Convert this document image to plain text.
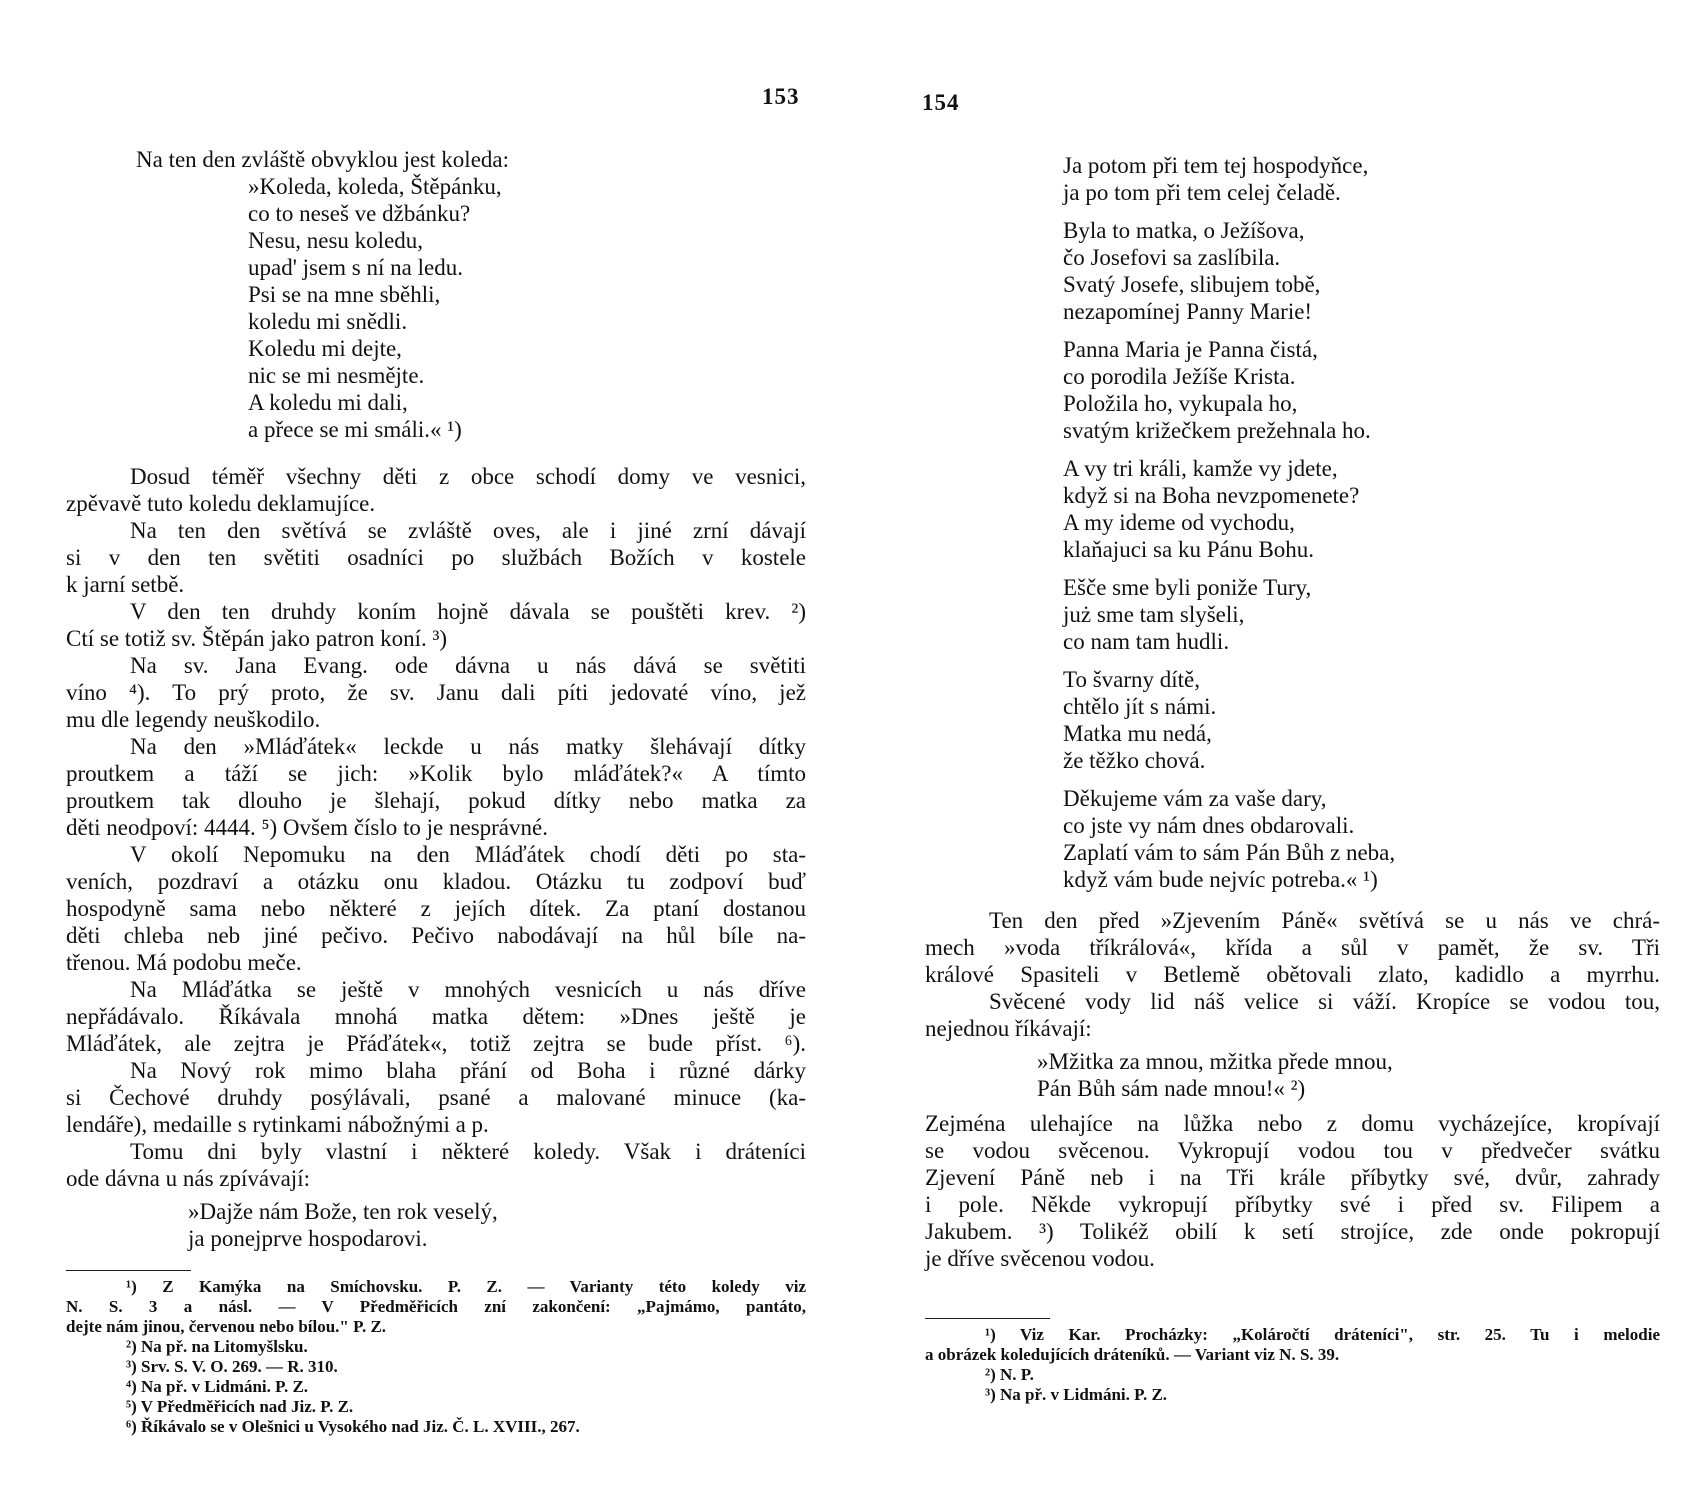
153	154
Na ten den zvláště obvyklou jest koleda:
»Koleda, koleda, Štěpánku,
co to neseš ve džbánku?
Nesu, nesu koledu,
upad' jsem s ní na ledu.
Psi se na mne sběhli,
koledu mi snědli.
Koledu mi dejte,
nic se mi nesmějte.
A koledu mi dali,
a přece se mi smáli.« ¹)
Dosud téměř všechny děti z obce schodí domy ve vesnici,
zpěvavě tuto koledu deklamujíce.
Na ten den světívá se zvláště oves, ale i jiné zrní dávají
si v den ten světiti osadníci po službách Božích v kostele
k jarní setbě.
V den ten druhdy koním hojně dávala se pouštěti krev. ²)
Ctí se totiž sv. Štěpán jako patron koní. ³)
Na sv. Jana Evang. ode dávna u nás dává se světiti
víno ⁴). To prý proto, že sv. Janu dali píti jedovaté víno, jež
mu dle legendy neuškodilo.
Na den »Mláďátek« leckde u nás matky šlehávají dítky
proutkem a táží se jich: »Kolik bylo mláďátek?« A tímto
proutkem tak dlouho je šlehají, pokud dítky nebo matka za
děti neodpoví: 4444. ⁵) Ovšem číslo to je nesprávné.
V okolí Nepomuku na den Mláďátek chodí děti po sta-
veních, pozdraví a otázku onu kladou. Otázku tu zodpoví buď
hospodyně sama nebo některé z jejích dítek. Za ptaní dostanou
děti chleba neb jiné pečivo. Pečivo nabodávají na hůl bíle na-
třenou. Má podobu meče.
Na Mláďátka se ještě v mnohých vesnicích u nás dříve
nepřádávalo. Říkávala mnohá matka dětem: »Dnes ještě je
Mláďátek, ale zejtra je Přáďátek«, totiž zejtra se bude příst. ⁶).
Na Nový rok mimo blaha přání od Boha i různé dárky
si Čechové druhdy posýlávali, psané a malované minuce (ka-
lendáře), medaille s rytinkami nábožnými a p.
Tomu dni byly vlastní i některé koledy. Však i dráteníci
ode dávna u nás zpívávají:
»Dajže nám Bože, ten rok veselý,
ja ponejprve hospodarovi.
¹) Z Kamýka na Smíchovsku. P. Z. — Varianty této koledy viz
N. S. 3 a násl. — V Předměřicích zní zakončení: „Pajmámo, pantáto,
dejte nám jinou, červenou nebo bílou." P. Z.
²) Na př. na Litomyšlsku.
³) Srv. S. V. O. 269. — R. 310.
⁴) Na př. v Lidmáni. P. Z.
⁵) V Předměřicích nad Jiz. P. Z.
⁶) Říkávalo se v Olešnici u Vysokého nad Jiz. Č. L. XVIII., 267.
Ja potom při tem tej hospodyňce,
ja po tom při tem celej čeladě.
Byla to matka, o Ježíšova,
čo Josefovi sa zaslíbila.
Svatý Josefe, slibujem tobě,
nezapomínej Panny Marie!
Panna Maria je Panna čistá,
co porodila Ježíše Krista.
Položila ho, vykupala ho,
svatým križečkem prežehnala ho.
A vy tri králi, kamže vy jdete,
když si na Boha nevzpomenete?
A my ideme od vychodu,
klaňajuci sa ku Pánu Bohu.
Ešče sme byli poniže Tury,
już sme tam slyšeli,
co nam tam hudli.
To švarny dítě,
chtělo jít s námi.
Matka mu nedá,
že těžko chová.
Děkujeme vám za vaše dary,
co jste vy nám dnes obdarovali.
Zaplatí vám to sám Pán Bůh z neba,
když vám bude nejvíc potreba.« ¹)
Ten den před »Zjevením Páně« světívá se u nás ve chrá-
mech »voda tříkrálová«, křída a sůl v pamět, že sv. Tři
králové Spasiteli v Betlemě obětovali zlato, kadidlo a myrrhu.
Svěcené vody lid náš velice si váží. Kropíce se vodou tou,
nejednou říkávají:
»Mžitka za mnou, mžitka přede mnou,
Pán Bůh sám nade mnou!« ²)
Zejména ulehajíce na lůžka nebo z domu vycházejíce, kropívají
se vodou svěcenou. Vykropují vodou tou v předvečer svátku
Zjevení Páně neb i na Tři krále příbytky své, dvůr, zahrady
i pole. Někde vykropují příbytky své i před sv. Filipem a
Jakubem. ³) Tolikéž obilí k setí strojíce, zde onde pokropují
je dříve svěcenou vodou.
¹) Viz Kar. Procházky: „Koláročtí dráteníci", str. 25. Tu i melodie
a obrázek koledujících dráteníků. — Variant viz N. S. 39.
²) N. P.
³) Na př. v Lidmáni. P. Z.
